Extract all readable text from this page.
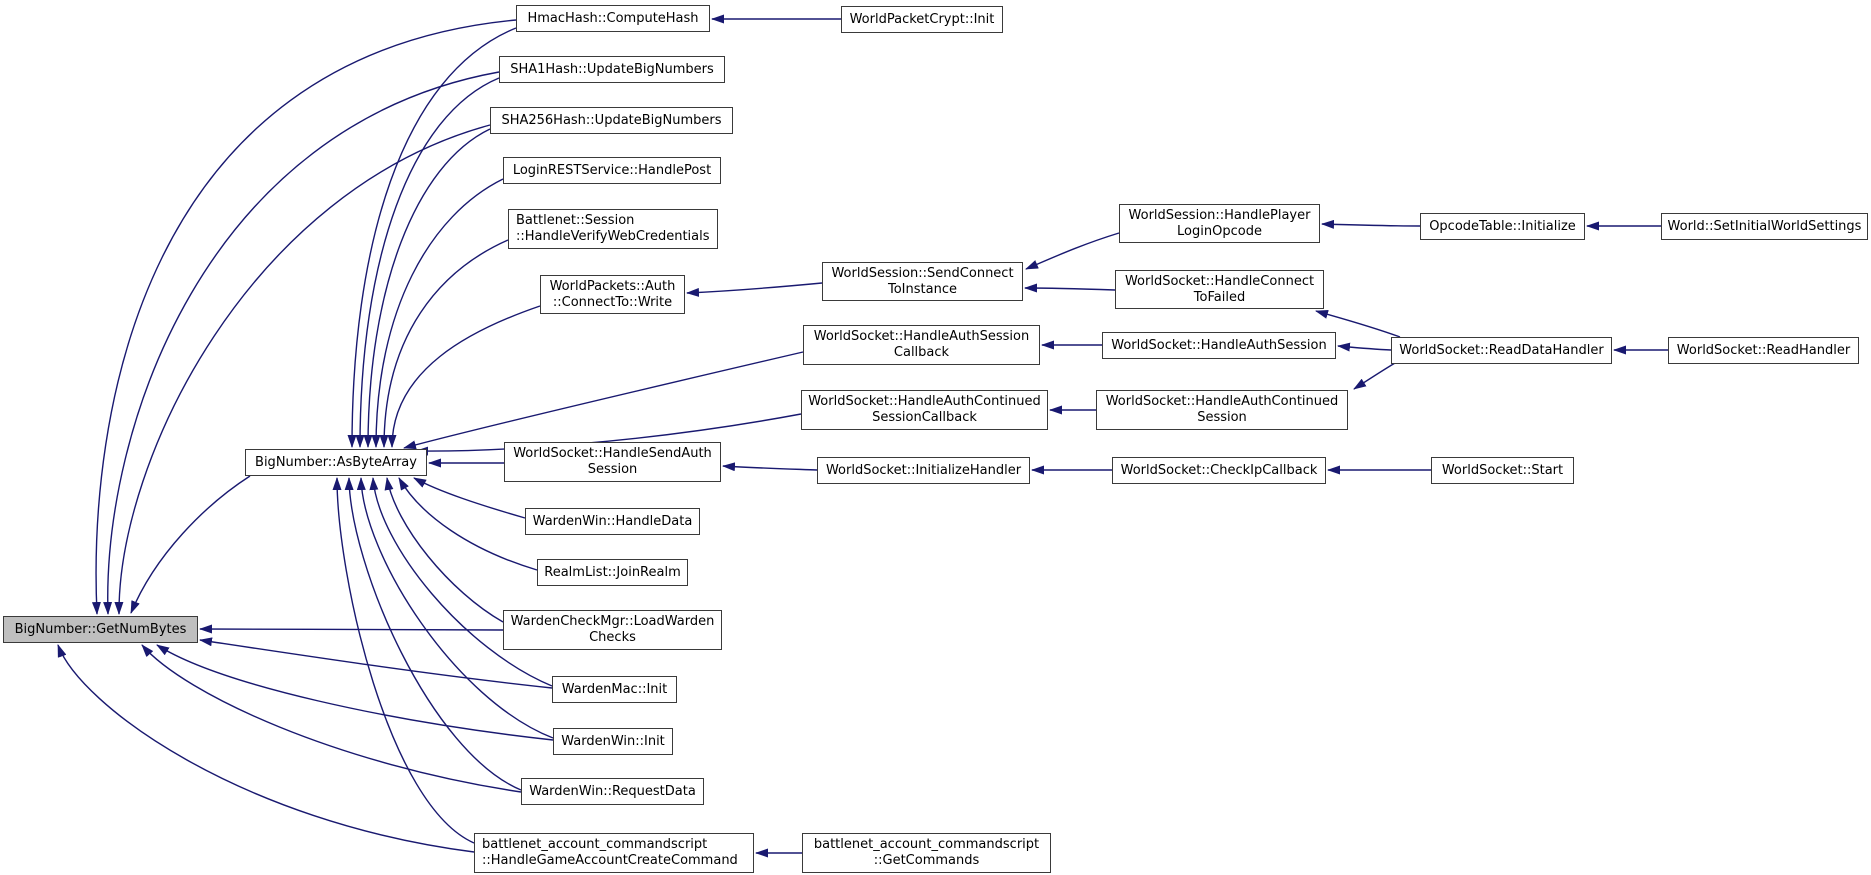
HmacHash::ComputeHash	WorldPacketCrypt::Init
SHA1Hash::UpdateBigNumbers
SHA256Hash::UpdateBigNumbers
LoginRESTService::HandlePost
Battlenet::Session
::HandleVerifyWebCredentials
WorldPackets::Auth
::ConnectTo::Write
WorldSession::SendConnect
ToInstance
WorldSession::HandlePlayer
LoginOpcode	OpcodeTable::Initialize	World::SetInitialWorldSettings
WorldSocket::HandleConnect
ToFailed
WorldSocket::HandleAuthSession
Callback	WorldSocket::HandleAuthSession	WorldSocket::ReadDataHandler	WorldSocket::ReadHandler
WorldSocket::HandleAuthContinued
SessionCallback
WorldSocket::HandleAuthContinued
Session
BigNumber::AsByteArray
WorldSocket::HandleSendAuth
Session	WorldSocket::InitializeHandler	WorldSocket::CheckIpCallback	WorldSocket::Start
WardenWin::HandleData
RealmList::JoinRealm
WardenCheckMgr::LoadWarden
Checks
BigNumber::GetNumBytes
WardenMac::Init
WardenWin::Init
WardenWin::RequestData
battlenet_account_commandscript
::HandleGameAccountCreateCommand
battlenet_account_commandscript
::GetCommands
